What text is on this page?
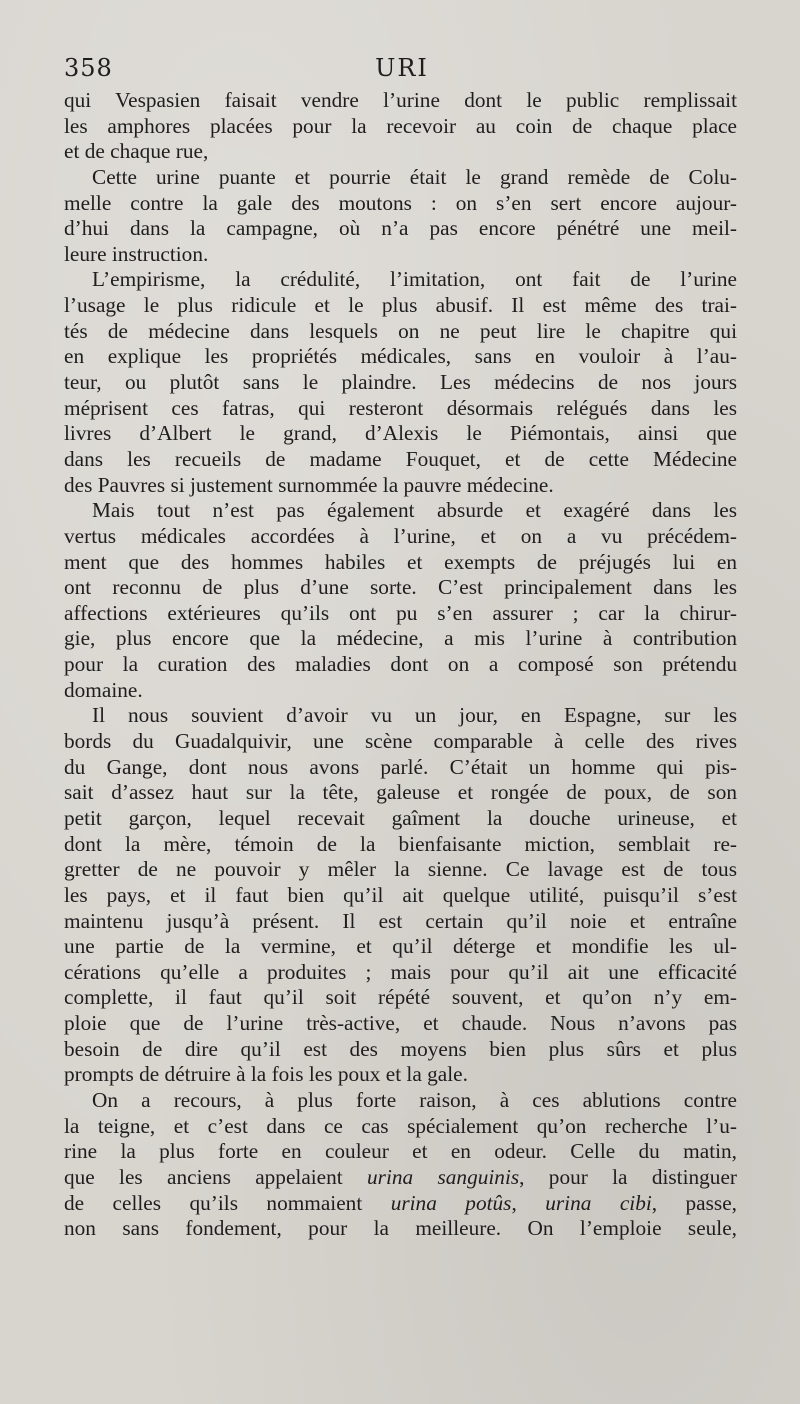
358	URI
qui Vespasien faisait vendre l’urine dont le public remplissait
les amphores placées pour la recevoir au coin de chaque place
et de chaque rue,
Cette urine puante et pourrie était le grand remède de Colu-
melle contre la gale des moutons : on s’en sert encore aujour-
d’hui dans la campagne, où n’a pas encore pénétré une meil-
leure instruction.
L’empirisme, la crédulité, l’imitation, ont fait de l’urine
l’usage le plus ridicule et le plus abusif. Il est même des trai-
tés de médecine dans lesquels on ne peut lire le chapitre qui
en explique les propriétés médicales, sans en vouloir à l’au-
teur, ou plutôt sans le plaindre. Les médecins de nos jours
méprisent ces fatras, qui resteront désormais relégués dans les
livres d’Albert le grand, d’Alexis le Piémontais, ainsi que
dans les recueils de madame Fouquet, et de cette Médecine
des Pauvres si justement surnommée la pauvre médecine.
Mais tout n’est pas également absurde et exagéré dans les
vertus médicales accordées à l’urine, et on a vu précédem-
ment que des hommes habiles et exempts de préjugés lui en
ont reconnu de plus d’une sorte. C’est principalement dans les
affections extérieures qu’ils ont pu s’en assurer ; car la chirur-
gie, plus encore que la médecine, a mis l’urine à contribution
pour la curation des maladies dont on a composé son prétendu
domaine.
Il nous souvient d’avoir vu un jour, en Espagne, sur les
bords du Guadalquivir, une scène comparable à celle des rives
du Gange, dont nous avons parlé. C’était un homme qui pis-
sait d’assez haut sur la tête, galeuse et rongée de poux, de son
petit garçon, lequel recevait gaîment la douche urineuse, et
dont la mère, témoin de la bienfaisante miction, semblait re-
gretter de ne pouvoir y mêler la sienne. Ce lavage est de tous
les pays, et il faut bien qu’il ait quelque utilité, puisqu’il s’est
maintenu jusqu’à présent. Il est certain qu’il noie et entraîne
une partie de la vermine, et qu’il déterge et mondifie les ul-
cérations qu’elle a produites ; mais pour qu’il ait une efficacité
complette, il faut qu’il soit répété souvent, et qu’on n’y em-
ploie que de l’urine très-active, et chaude. Nous n’avons pas
besoin de dire qu’il est des moyens bien plus sûrs et plus
prompts de détruire à la fois les poux et la gale.
On a recours, à plus forte raison, à ces ablutions contre
la teigne, et c’est dans ce cas spécialement qu’on recherche l’u-
rine la plus forte en couleur et en odeur. Celle du matin,
que les anciens appelaient urina sanguinis, pour la distinguer
de celles qu’ils nommaient urina potûs, urina cibi, passe,
non sans fondement, pour la meilleure. On l’emploie seule,
